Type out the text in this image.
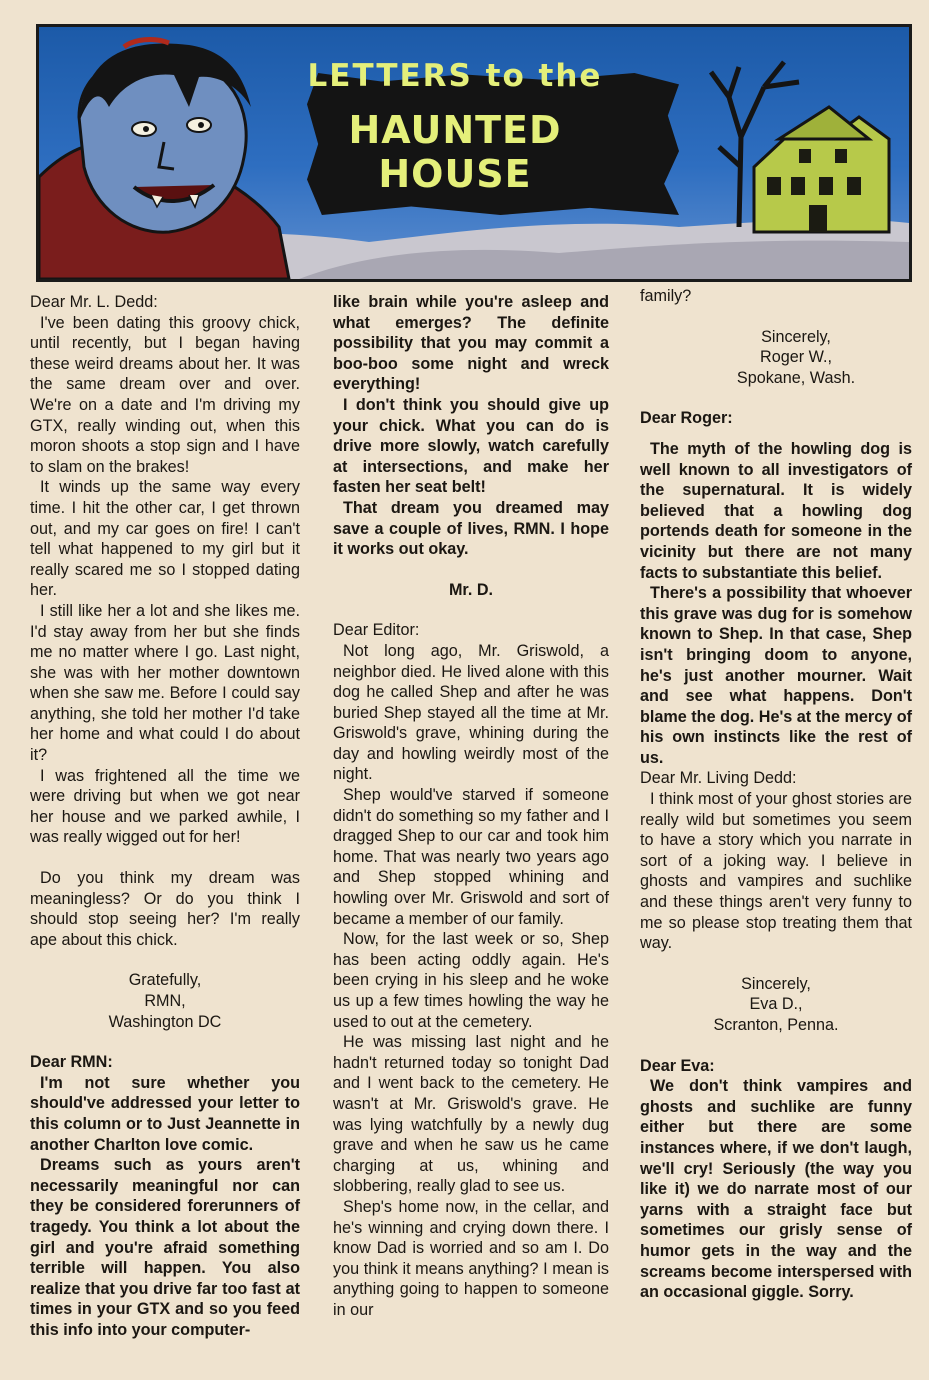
LETTERS to the
HAUNTED HOUSE

Dear Mr. L. Dedd:

I've been dating this groovy chick, until recently, but I began having these weird dreams about her. It was the same dream over and over. We're on a date and I'm driving my GTX, really winding out, when this moron shoots a stop sign and I have to slam on the brakes!

It winds up the same way every time. I hit the other car, I get thrown out, and my car goes on fire! I can't tell what happened to my girl but it really scared me so I stopped dating her.

I still like her a lot and she likes me. I'd stay away from her but she finds me no matter where I go. Last night, she was with her mother downtown when she saw me. Before I could say anything, she told her mother I'd take her home and what could I do about it?

I was frightened all the time we were driving but when we got near her house and we parked awhile, I was really wigged out for her!

Do you think my dream was meaningless? Or do you think I should stop seeing her? I'm really ape about this chick.

Gratefully,

RMN,

Washington DC

Dear RMN:

I'm not sure whether you should've addressed your letter to this column or to Just Jeannette in another Charlton love comic.

Dreams such as yours aren't necessarily meaningful nor can they be considered forerunners of tragedy. You think a lot about the girl and you're afraid something terrible will happen. You also realize that you drive far too fast at times in your GTX and so you feed this info into your computer-

like brain while you're asleep and what emerges? The definite possibility that you may commit a boo-boo some night and wreck everything!

I don't think you should give up your chick. What you can do is drive more slowly, watch carefully at intersections, and make her fasten her seat belt!

That dream you dreamed may save a couple of lives, RMN. I hope it works out okay.

Mr. D.

Dear Editor:

Not long ago, Mr. Griswold, a neighbor died. He lived alone with this dog he called Shep and after he was buried Shep stayed all the time at Mr. Griswold's grave, whining during the day and howling weirdly most of the night.

Shep would've starved if someone didn't do something so my father and I dragged Shep to our car and took him home. That was nearly two years ago and Shep stopped whining and howling over Mr. Griswold and sort of became a member of our family.

Now, for the last week or so, Shep has been acting oddly again. He's been crying in his sleep and he woke us up a few times howling the way he used to out at the cemetery.

He was missing last night and he hadn't returned today so tonight Dad and I went back to the cemetery. He wasn't at Mr. Griswold's grave. He was lying watchfully by a newly dug grave and when he saw us he came charging at us, whining and slobbering, really glad to see us.

Shep's home now, in the cellar, and he's winning and crying down there. I know Dad is worried and so am I. Do you think it means anything? I mean is anything going to happen to someone in our

family?

Sincerely,

Roger W.,

Spokane, Wash.

Dear Roger:

The myth of the howling dog is well known to all investigators of the supernatural. It is widely believed that a howling dog portends death for someone in the vicinity but there are not many facts to substantiate this belief.

There's a possibility that whoever this grave was dug for is somehow known to Shep. In that case, Shep isn't bringing doom to anyone, he's just another mourner. Wait and see what happens. Don't blame the dog. He's at the mercy of his own instincts like the rest of us.

Dear Mr. Living Dedd:

I think most of your ghost stories are really wild but sometimes you seem to have a story which you narrate in sort of a joking way. I believe in ghosts and vampires and suchlike and these things aren't very funny to me so please stop treating them that way.

Sincerely,

Eva D.,

Scranton, Penna.

Dear Eva:

We don't think vampires and ghosts and suchlike are funny either but there are some instances where, if we don't laugh, we'll cry! Seriously (the way you like it) we do narrate most of our yarns with a straight face but sometimes our grisly sense of humor gets in the way and the screams become interspersed with an occasional giggle. Sorry.
